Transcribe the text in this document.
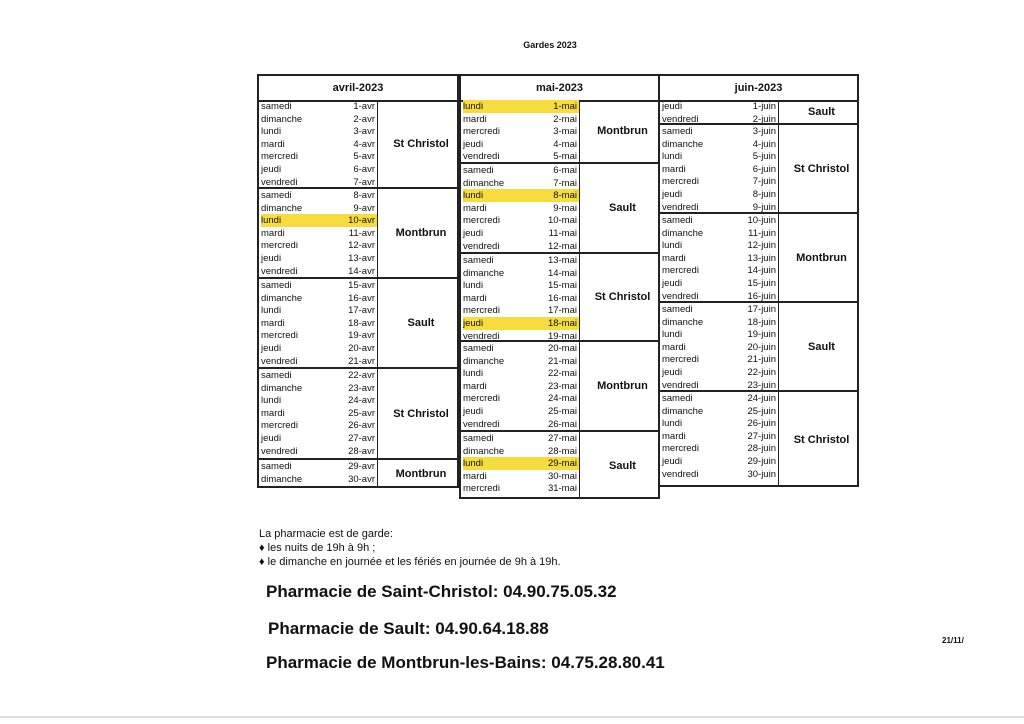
Gardes 2023
avril-2023
samedi	1-avr
dimanche	2-avr
lundi	3-avr
mardi	4-avr
mercredi	5-avr
jeudi	6-avr
vendredi	7-avr
St Christol
samedi	8-avr
dimanche	9-avr
lundi	10-avr
mardi	11-avr
mercredi	12-avr
jeudi	13-avr
vendredi	14-avr
Montbrun
samedi	15-avr
dimanche	16-avr
lundi	17-avr
mardi	18-avr
mercredi	19-avr
jeudi	20-avr
vendredi	21-avr
Sault
samedi	22-avr
dimanche	23-avr
lundi	24-avr
mardi	25-avr
mercredi	26-avr
jeudi	27-avr
vendredi	28-avr
St Christol
samedi	29-avr
dimanche	30-avr	Montbrun
mai-2023
lundi	1-mai
mardi	2-mai
mercredi	3-mai
jeudi	4-mai
vendredi	5-mai
Montbrun
samedi	6-mai
dimanche	7-mai
lundi	8-mai
mardi	9-mai
mercredi	10-mai
jeudi	11-mai
vendredi	12-mai
Sault
samedi	13-mai
dimanche	14-mai
lundi	15-mai
mardi	16-mai
mercredi	17-mai
jeudi	18-mai
vendredi	19-mai
St Christol
samedi	20-mai
dimanche	21-mai
lundi	22-mai
mardi	23-mai
mercredi	24-mai
jeudi	25-mai
vendredi	26-mai
Montbrun
samedi	27-mai
dimanche	28-mai
lundi	29-mai
mardi	30-mai
mercredi	31-mai
Sault
juin-2023
jeudi	1-juin
vendredi	2-juin
Sault
samedi	3-juin
dimanche	4-juin
lundi	5-juin
mardi	6-juin
mercredi	7-juin
jeudi	8-juin
vendredi	9-juin
St Christol
samedi	10-juin
dimanche	11-juin
lundi	12-juin
mardi	13-juin
mercredi	14-juin
jeudi	15-juin
vendredi	16-juin
Montbrun
samedi	17-juin
dimanche	18-juin
lundi	19-juin
mardi	20-juin
mercredi	21-juin
jeudi	22-juin
vendredi	23-juin
Sault
samedi	24-juin
dimanche	25-juin
lundi	26-juin
mardi	27-juin
mercredi	28-juin
jeudi	29-juin
vendredi	30-juin
St Christol
La pharmacie est de garde:
♦ les nuits de 19h à 9h ;
♦ le dimanche en journée et les fériés en journée de 9h à 19h.
Pharmacie de Saint-Christol: 04.90.75.05.32
Pharmacie de Sault: 04.90.64.18.88
Pharmacie de Montbrun-les-Bains: 04.75.28.80.41
21/11/
